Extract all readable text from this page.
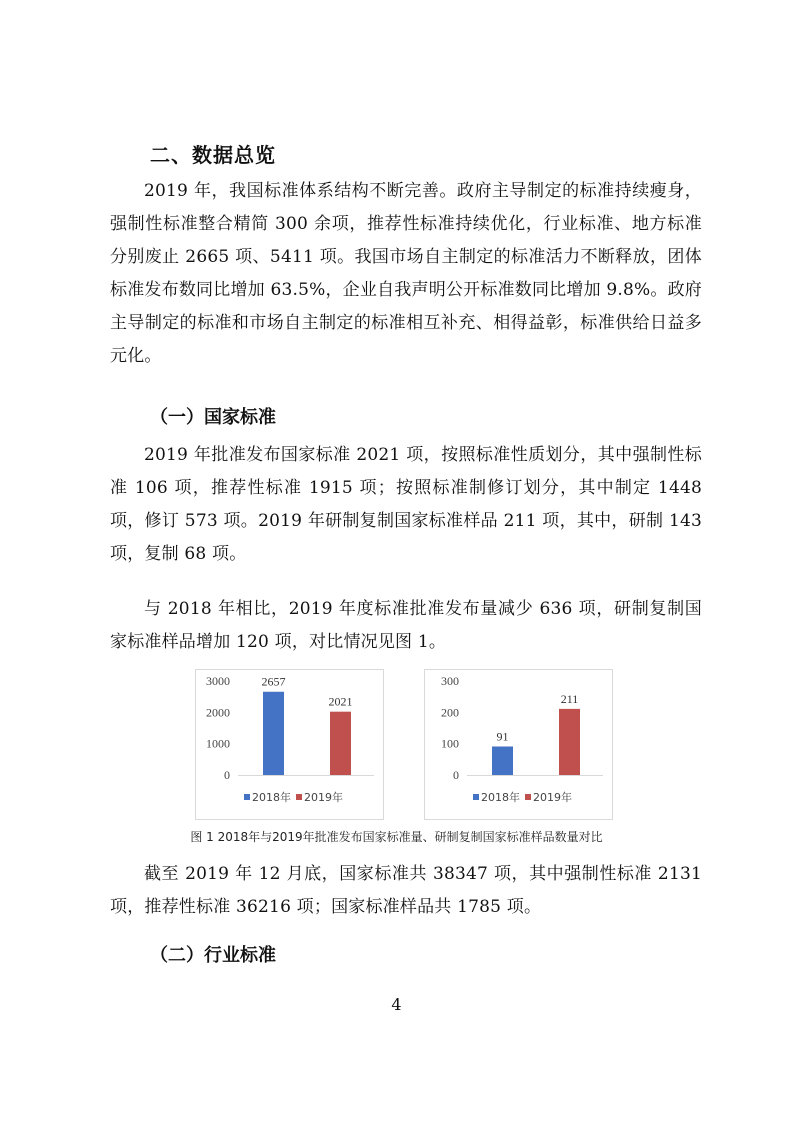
二、数据总览

2019 年，我国标准体系结构不断完善。政府主导制定的标准持续瘦身，强制性标准整合精简 300 余项，推荐性标准持续优化，行业标准、地方标准分别废止 2665 项、5411 项。我国市场自主制定的标准活力不断释放，团体标准发布数同比增加 63.5%，企业自我声明公开标准数同比增加 9.8%。政府主导制定的标准和市场自主制定的标准相互补充、相得益彰，标准供给日益多元化。

（一）国家标准

2019 年批准发布国家标准 2021 项，按照标准性质划分，其中强制性标准 106 项，推荐性标准 1915 项；按照标准制修订划分，其中制定 1448 项，修订 573 项。2019 年研制复制国家标准样品 211 项，其中，研制 143 项，复制 68 项。

与 2018 年相比，2019 年度标准批准发布量减少 636 项，研制复制国家标准样品增加 120 项，对比情况见图 1。

0
1000
2000
3000	2657
2021
2018年 2019年
0
100
200
300
91
211
2018年 2019年
图 1 2018年与2019年批准发布国家标准量、研制复制国家标准样品数量对比

截至 2019 年 12 月底，国家标准共 38347 项，其中强制性标准 2131 项，推荐性标准 36216 项；国家标准样品共 1785 项。

（二）行业标准
4
